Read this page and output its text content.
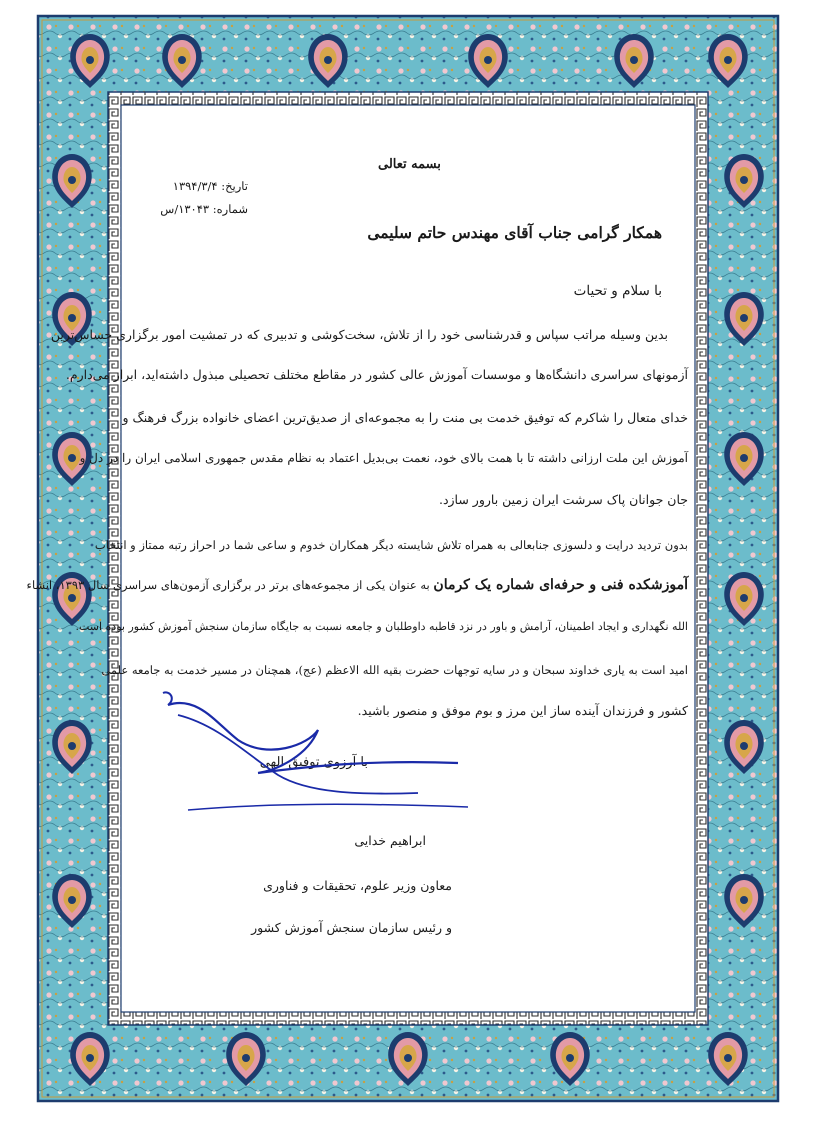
بسمه تعالی
تاریخ: ۱۳۹۴/۳/۴
شماره: ۱۳۰۴۳/س
همکار گرامی جناب آقای مهندس حاتم سلیمی
با سلام و تحیات
بدین وسیله مراتب سپاس و قدرشناسی خود را از تلاش، سخت‌کوشی و تدبیری که در تمشیت امور برگزاری حساس‌ترین
آزمونهای سراسری دانشگاه‌ها و موسسات آموزش عالی کشور در مقاطع مختلف تحصیلی مبذول داشته‌اید، ابراز می‌دارم.
خدای متعال را شاکرم که توفیق خدمت بی منت را به مجموعه‌ای از صدیق‌ترین اعضای خانواده بزرگ فرهنگ و
آموزش این ملت ارزانی داشته تا با همت بالای خود، نعمت بی‌بدیل اعتماد به نظام مقدس جمهوری اسلامی ایران را در دل و
جان جوانان پاک سرشت ایران زمین بارور سازد.
بدون تردید درایت و دلسوزی جنابعالی به همراه تلاش شایسته دیگر همکاران خدوم و ساعی شما در احراز رتبه ممتاز و انتخاب
آموزشکده فنی و حرفه‌ای شماره یک کرمان به عنوان یکی از مجموعه‌های برتر در برگزاری آزمون‌های سراسری سال ۱۳۹۳، انشاء
الله‌ نگهداری و ایجاد اطمینان، آرامش و باور در نزد قاطبه داوطلبان و جامعه نسبت به جایگاه سازمان سنجش آموزش کشور بوده است.
امید است به یاری خداوند سبحان و در سایه توجهات حضرت بقیه الله الاعظم (عج)، همچنان در مسیر خدمت به جامعه علمی
کشور و فرزندان آینده ساز این مرز و بوم موفق و منصور باشید.
با آرزوی توفیق الهی
ابراهیم خدایی
معاون وزیر علوم، تحقیقات و فناوری
و رئیس سازمان سنجش آموزش کشور
